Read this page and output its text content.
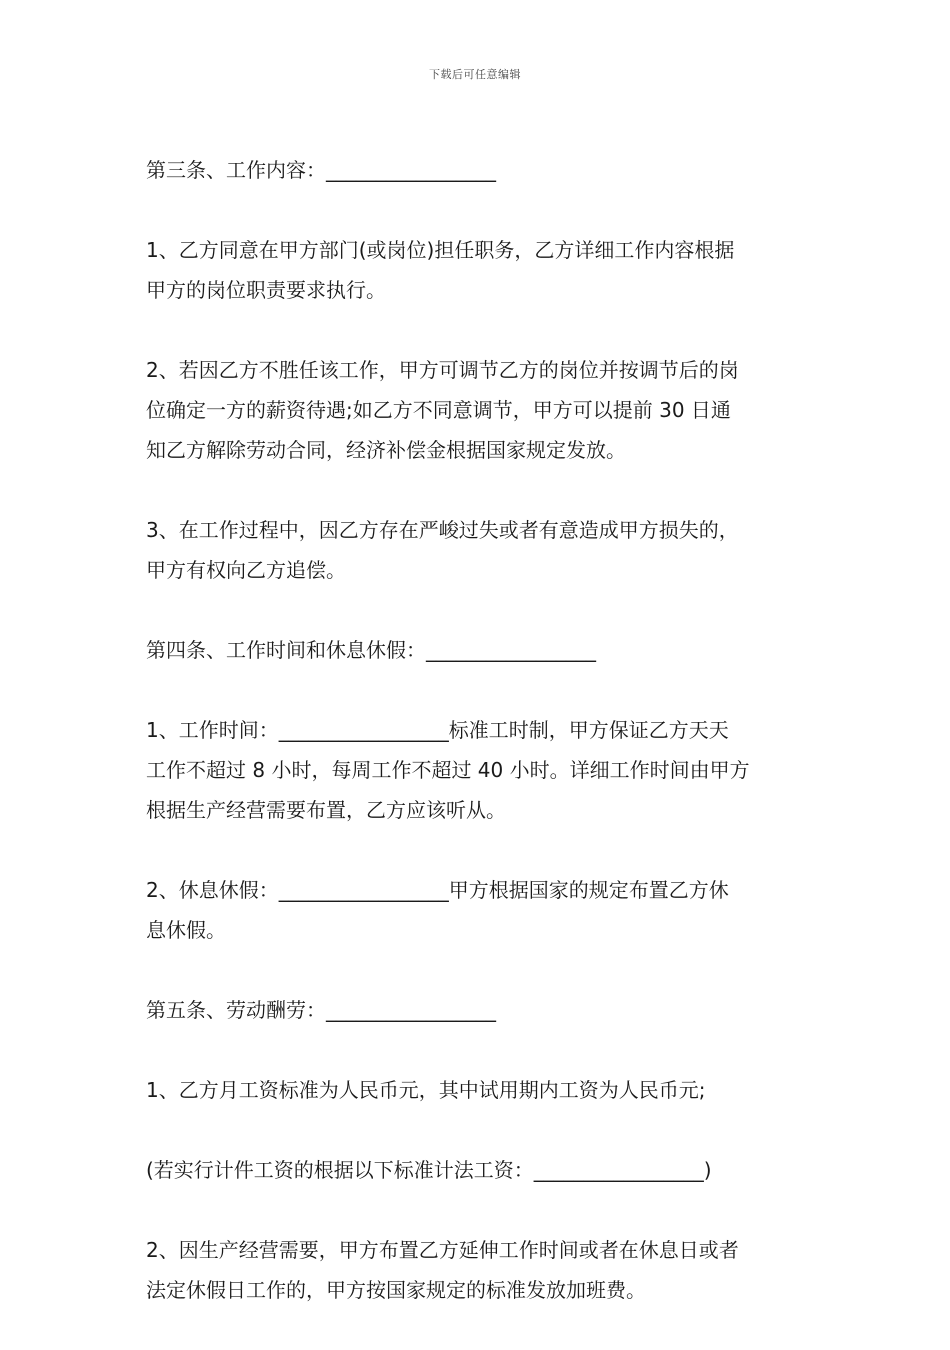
下载后可任意编辑

第三条、工作内容：_________________

1、乙方同意在甲方部门(或岗位)担任职务，乙方详细工作内容根据
甲方的岗位职责要求执行。

2、若因乙方不胜任该工作，甲方可调节乙方的岗位并按调节后的岗
位确定一方的薪资待遇;如乙方不同意调节，甲方可以提前 30 日通
知乙方解除劳动合同，经济补偿金根据国家规定发放。

3、在工作过程中，因乙方存在严峻过失或者有意造成甲方损失的，
甲方有权向乙方追偿。

第四条、工作时间和休息休假：_________________

1、工作时间：_________________标准工时制，甲方保证乙方天天
工作不超过 8 小时，每周工作不超过 40 小时。详细工作时间由甲方
根据生产经营需要布置，乙方应该听从。

2、休息休假：_________________甲方根据国家的规定布置乙方休
息休假。

第五条、劳动酬劳：_________________

1、乙方月工资标准为人民币元，其中试用期内工资为人民币元;

(若实行计件工资的根据以下标准计法工资：_________________)

2、因生产经营需要，甲方布置乙方延伸工作时间或者在休息日或者
法定休假日工作的，甲方按国家规定的标准发放加班费。
